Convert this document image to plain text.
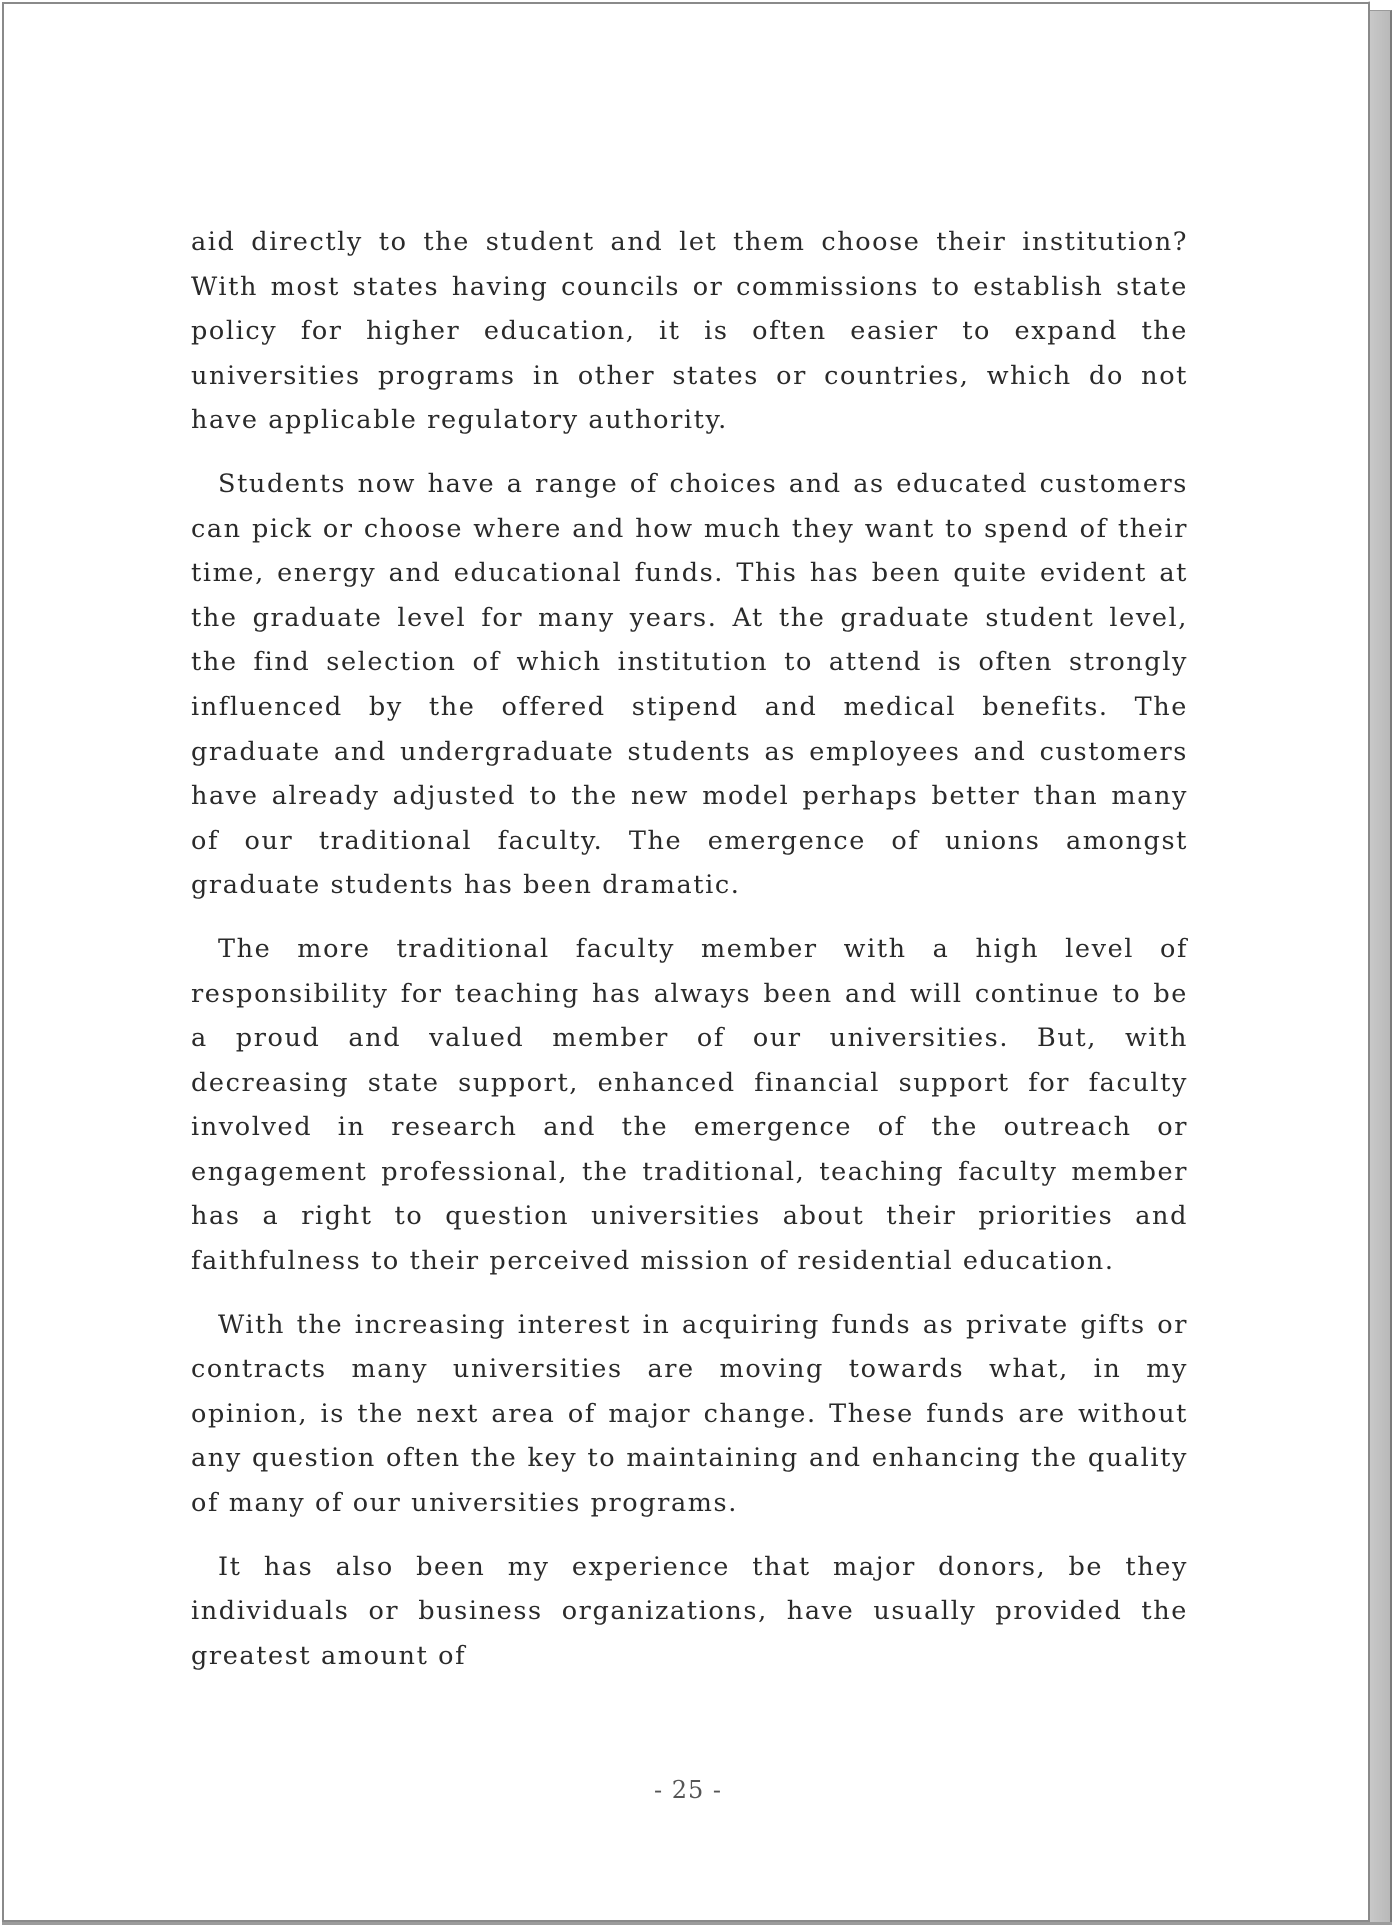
aid directly to the student and let them choose their institution? With most states having councils or commissions to establish state policy for higher education, it is often easier to expand the universities programs in other states or countries, which do not have applicable regulatory authority.

Students now have a range of choices and as educated customers can pick or choose where and how much they want to spend of their time, energy and educational funds. This has been quite evident at the graduate level for many years. At the graduate student level, the find selection of which institution to attend is often strongly influenced by the offered stipend and medical benefits. The graduate and undergraduate students as employees and customers have already adjusted to the new model perhaps better than many of our traditional faculty. The emergence of unions amongst graduate students has been dramatic.

The more traditional faculty member with a high level of responsibility for teaching has always been and will continue to be a proud and valued member of our universities. But, with decreasing state support, enhanced financial support for faculty involved in research and the emergence of the outreach or engagement professional, the traditional, teaching faculty member has a right to question universities about their priorities and faithfulness to their perceived mission of residential education.

With the increasing interest in acquiring funds as private gifts or contracts many universities are moving towards what, in my opinion, is the next area of major change. These funds are without any question often the key to maintaining and enhancing the quality of many of our universities programs.

It has also been my experience that major donors, be they individuals or business organizations, have usually provided the greatest amount of

- 25 -
